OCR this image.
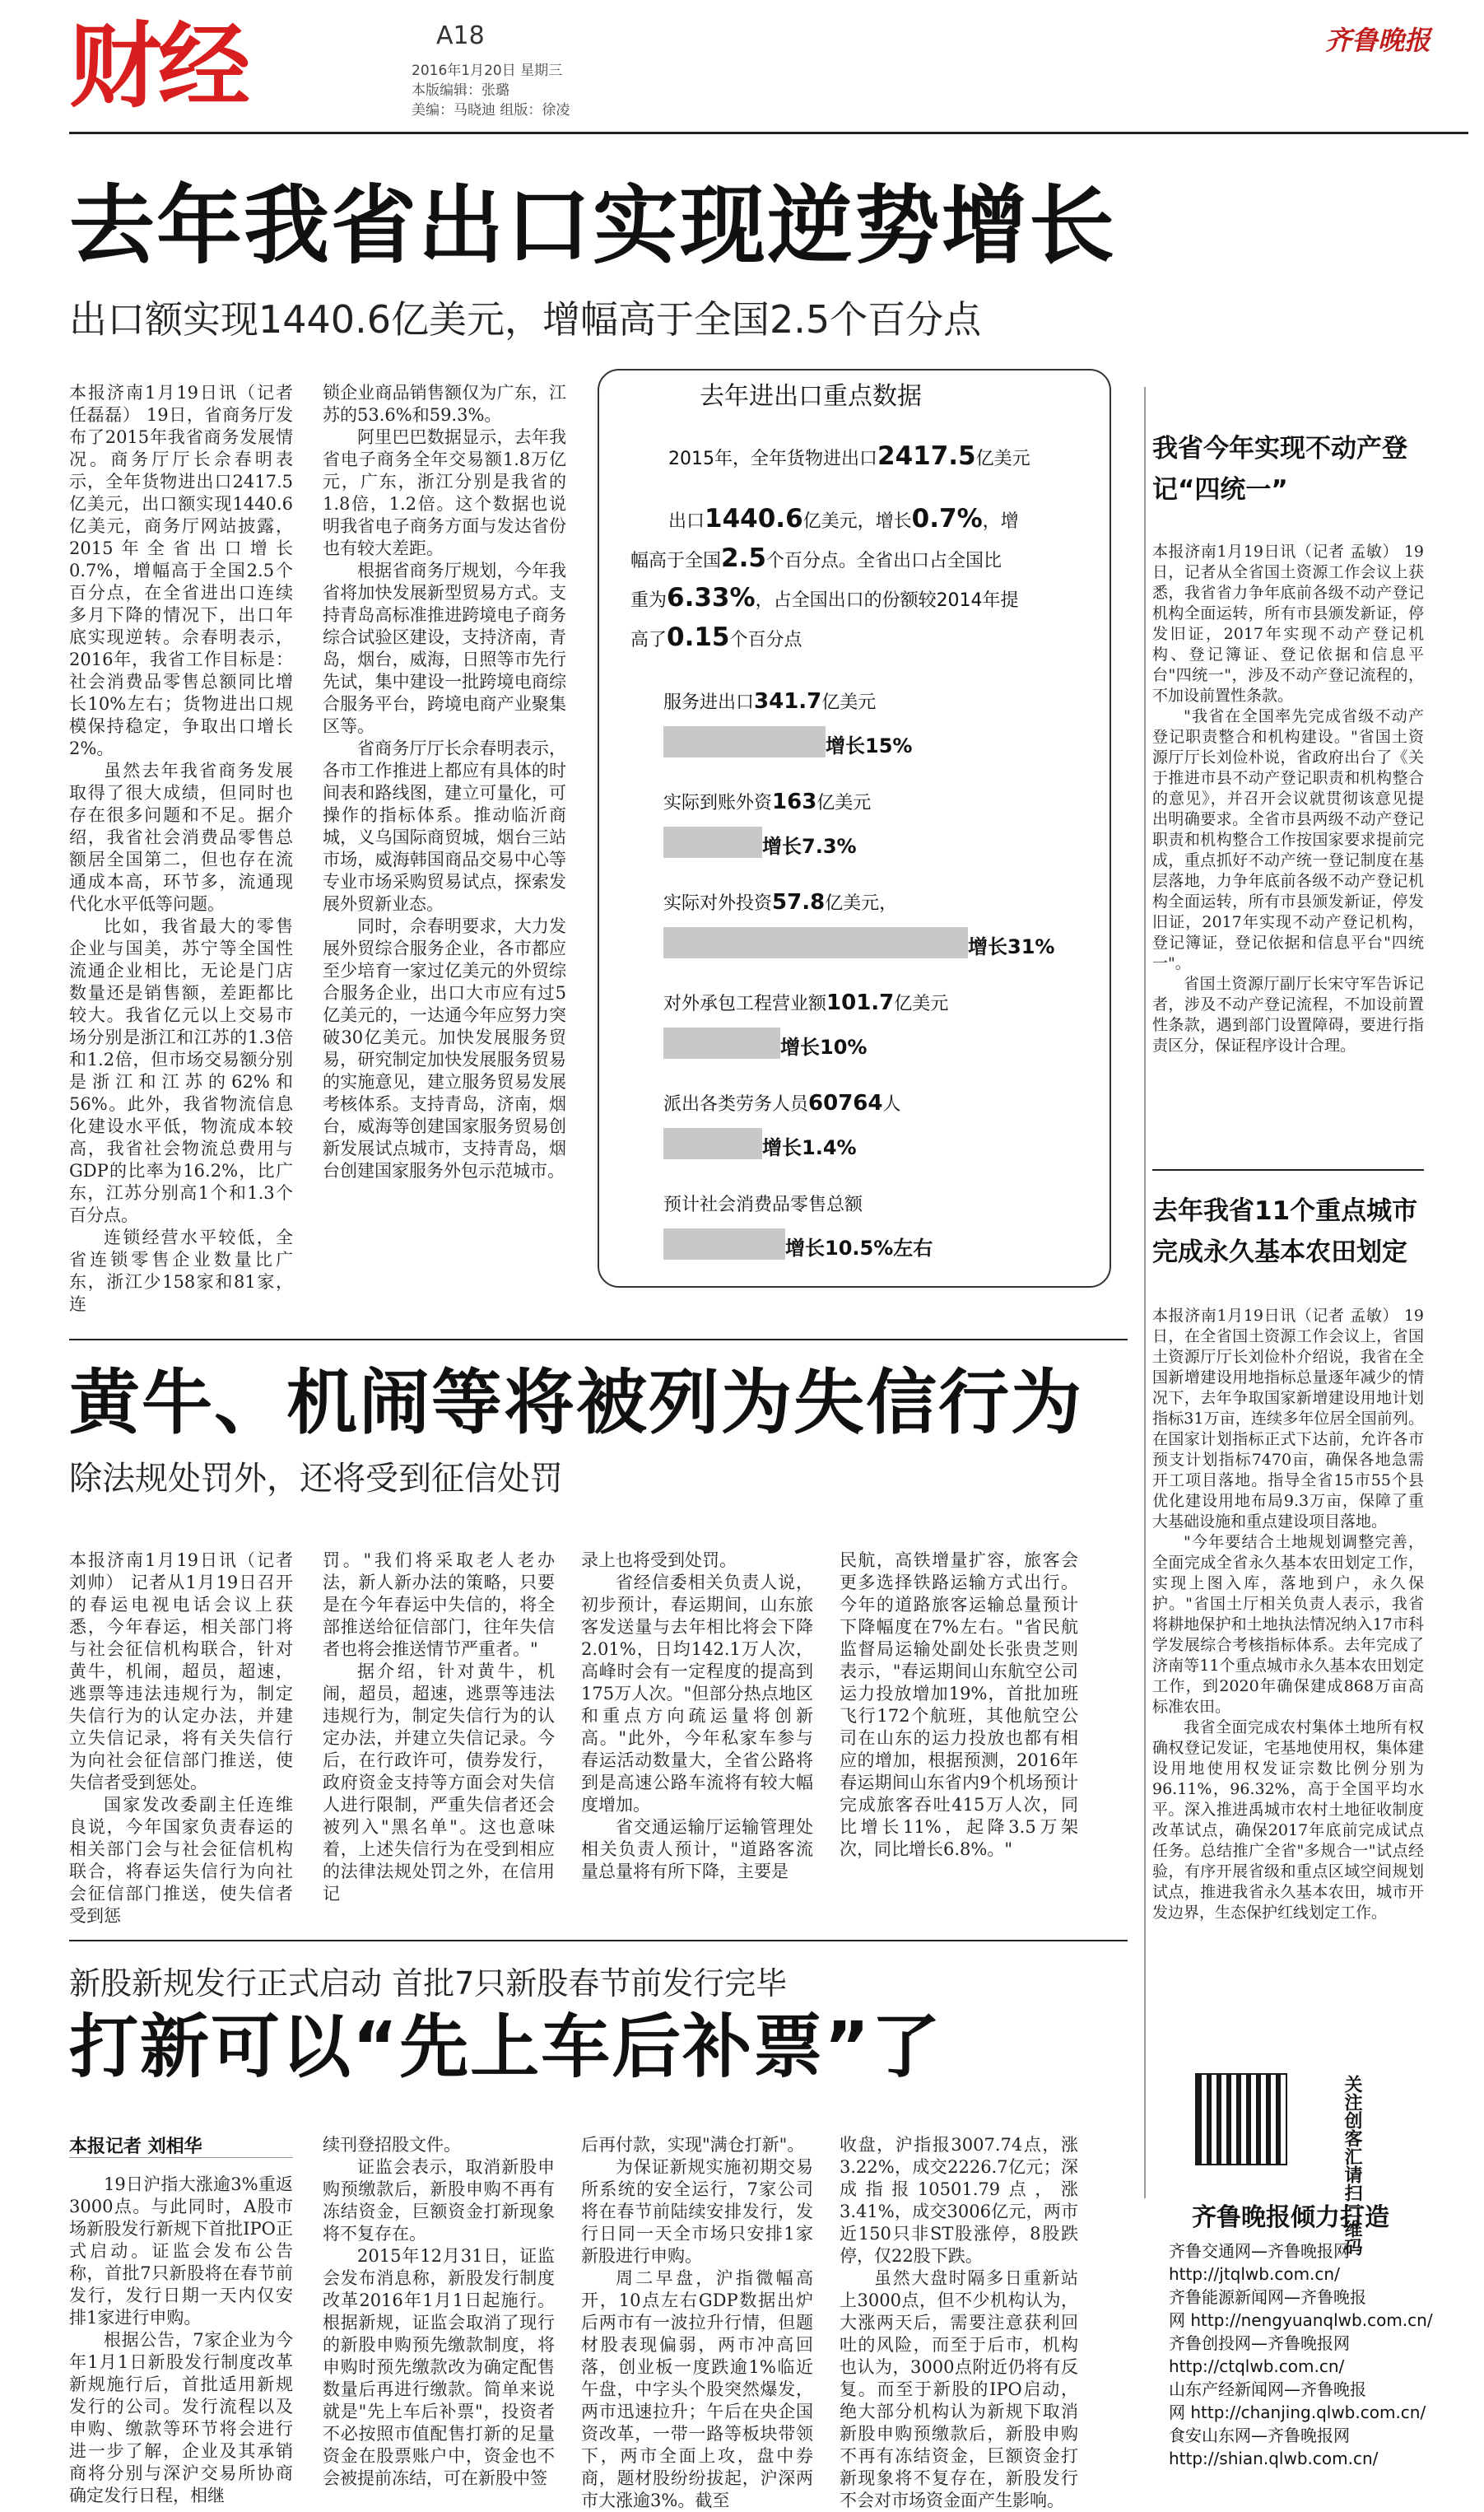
财经	A18
2016年1月20日 星期三
本版编辑：张璐
美编：马晓迪 组版：徐凌
齐鲁晚报
去年我省出口实现逆势增长
出口额实现1440.6亿美元，增幅高于全国2.5个百分点

本报济南1月19日讯（记者 任磊磊） 19日，省商务厅发布了2015年我省商务发展情况。商务厅厅长佘春明表示，全年货物进出口2417.5亿美元，出口额实现1440.6亿美元，商务厅网站披露，2015年全省出口增长0.7%，增幅高于全国2.5个百分点，在全省进出口连续多月下降的情况下，出口年底实现逆转。佘春明表示，2016年，我省工作目标是：社会消费品零售总额同比增长10%左右；货物进出口规模保持稳定，争取出口增长2%。

虽然去年我省商务发展取得了很大成绩，但同时也存在很多问题和不足。据介绍，我省社会消费品零售总额居全国第二，但也存在流通成本高，环节多，流通现代化水平低等问题。

比如，我省最大的零售企业与国美，苏宁等全国性流通企业相比，无论是门店数量还是销售额，差距都比较大。我省亿元以上交易市场分别是浙江和江苏的1.3倍和1.2倍，但市场交易额分别是浙江和江苏的62%和56%。此外，我省物流信息化建设水平低，物流成本较高，我省社会物流总费用与GDP的比率为16.2%，比广东，江苏分别高1个和1.3个百分点。

连锁经营水平较低，全省连锁零售企业数量比广东，浙江少158家和81家，连

锁企业商品销售额仅为广东，江苏的53.6%和59.3%。

阿里巴巴数据显示，去年我省电子商务全年交易额1.8万亿元，广东，浙江分别是我省的1.8倍，1.2倍。这个数据也说明我省电子商务方面与发达省份也有较大差距。

根据省商务厅规划，今年我省将加快发展新型贸易方式。支持青岛高标准推进跨境电子商务综合试验区建设，支持济南，青岛，烟台，威海，日照等市先行先试，集中建设一批跨境电商综合服务平台，跨境电商产业聚集区等。

省商务厅厅长佘春明表示，各市工作推进上都应有具体的时间表和路线图，建立可量化，可操作的指标体系。推动临沂商城，义乌国际商贸城，烟台三站市场，威海韩国商品交易中心等专业市场采购贸易试点，探索发展外贸新业态。

同时，佘春明要求，大力发展外贸综合服务企业，各市都应至少培育一家过亿美元的外贸综合服务企业，出口大市应有过5亿美元的，一达通今年应努力突破30亿美元。加快发展服务贸易，研究制定加快发展服务贸易的实施意见，建立服务贸易发展考核体系。支持青岛，济南，烟台，威海等创建国家服务贸易创新发展试点城市，支持青岛，烟台创建国家服务外包示范城市。

去年进出口重点数据
2015年，全年货物进出口2417.5亿美元
出口1440.6亿美元，增长0.7%，增
幅高于全国2.5个百分点。全省出口占全国比
重为6.33%，占全国出口的份额较2014年提
高了0.15个百分点
服务进出口341.7亿美元
增长15%
实际到账外资163亿美元
增长7.3%
实际对外投资57.8亿美元，
增长31%
对外承包工程营业额101.7亿美元
增长10%
派出各类劳务人员60764人
增长1.4%
预计社会消费品零售总额
增长10.5%左右
我省今年实现不动产登记“四统一”

本报济南1月19日讯（记者 孟敏） 19日，记者从全省国土资源工作会议上获悉，我省省力争年底前各级不动产登记机构全面运转，所有市县颁发新证，停发旧证，2017年实现不动产登记机构、登记簿证、登记依据和信息平台"四统一"，涉及不动产登记流程的，不加设前置性条款。

"我省在全国率先完成省级不动产登记职责整合和机构建设。"省国土资源厅厅长刘俭朴说，省政府出台了《关于推进市县不动产登记职责和机构整合的意见》，并召开会议就贯彻该意见提出明确要求。全省市县两级不动产登记职责和机构整合工作按国家要求提前完成，重点抓好不动产统一登记制度在基层落地，力争年底前各级不动产登记机构全面运转，所有市县颁发新证，停发旧证，2017年实现不动产登记机构，登记簿证，登记依据和信息平台"四统一"。

省国土资源厅副厅长宋守军告诉记者，涉及不动产登记流程，不加设前置性条款，遇到部门设置障碍，要进行指责区分，保证程序设计合理。

去年我省11个重点城市完成永久基本农田划定

本报济南1月19日讯（记者 孟敏） 19日，在全省国土资源工作会议上，省国土资源厅厅长刘俭朴介绍说，我省在全国新增建设用地指标总量逐年减少的情况下，去年争取国家新增建设用地计划指标31万亩，连续多年位居全国前列。在国家计划指标正式下达前，允许各市预支计划指标7470亩，确保各地急需开工项目落地。指导全省15市55个县优化建设用地布局9.3万亩，保障了重大基础设施和重点建设项目落地。

"今年要结合土地规划调整完善，全面完成全省永久基本农田划定工作，实现上图入库，落地到户，永久保护。"省国土厅相关负责人表示，我省将耕地保护和土地执法情况纳入17市科学发展综合考核指标体系。去年完成了济南等11个重点城市永久基本农田划定工作，到2020年确保建成868万亩高标准农田。

我省全面完成农村集体土地所有权确权登记发证，宅基地使用权，集体建设用地使用权发证宗数比例分别为96.11%，96.32%，高于全国平均水平。深入推进禹城市农村土地征收制度改革试点，确保2017年底前完成试点任务。总结推广全省"多规合一"试点经验，有序开展省级和重点区域空间规划试点，推进我省永久基本农田，城市开发边界，生态保护红线划定工作。

黄牛、机闹等将被列为失信行为
除法规处罚外，还将受到征信处罚

本报济南1月19日讯（记者 刘帅） 记者从1月19日召开的春运电视电话会议上获悉，今年春运，相关部门将与社会征信机构联合，针对黄牛，机闹，超员，超速，逃票等违法违规行为，制定失信行为的认定办法，并建立失信记录，将有关失信行为向社会征信部门推送，使失信者受到惩处。

国家发改委副主任连维良说，今年国家负责春运的相关部门会与社会征信机构联合，将春运失信行为向社会征信部门推送，使失信者受到惩

罚。"我们将采取老人老办法，新人新办法的策略，只要是在今年春运中失信的，将全部推送给征信部门，往年失信者也将会推送情节严重者。"

据介绍，针对黄牛，机闹，超员，超速，逃票等违法违规行为，制定失信行为的认定办法，并建立失信记录。今后，在行政许可，债券发行，政府资金支持等方面会对失信人进行限制，严重失信者还会被列入"黑名单"。这也意味着，上述失信行为在受到相应的法律法规处罚之外，在信用记

录上也将受到处罚。

省经信委相关负责人说，初步预计，春运期间，山东旅客发送量与去年相比将会下降2.01%，日均142.1万人次，高峰时会有一定程度的提高到175万人次。"但部分热点地区和重点方向疏运量将创新高。"此外，今年私家车参与春运活动数量大，全省公路将到是高速公路车流将有较大幅度增加。

省交通运输厅运输管理处相关负责人预计，"道路客流量总量将有所下降，主要是

民航，高铁增量扩容，旅客会更多选择铁路运输方式出行。今年的道路旅客运输总量预计下降幅度在7%左右。"省民航监督局运输处副处长张贵芝则表示，"春运期间山东航空公司运力投放增加19%，首批加班飞行172个航班，其他航空公司在山东的运力投放也都有相应的增加，根据预测，2016年春运期间山东省内9个机场预计完成旅客吞吐415万人次，同比增长11%，起降3.5万架次，同比增长6.8%。"

新股新规发行正式启动 首批7只新股春节前发行完毕
打新可以“先上车后补票”了
本报记者 刘相华

19日沪指大涨逾3%重返3000点。与此同时，A股市场新股发行新规下首批IPO正式启动。证监会发布公告称，首批7只新股将在春节前发行，发行日期一天内仅安排1家进行申购。

根据公告，7家企业为今年1月1日新股发行制度改革新规施行后，首批适用新规发行的公司。发行流程以及申购、缴款等环节将会进行进一步了解，企业及其承销商将分别与深沪交易所协商确定发行日程，相继

续刊登招股文件。

证监会表示，取消新股申购预缴款后，新股申购不再有冻结资金，巨额资金打新现象将不复存在。

2015年12月31日，证监会发布消息称，新股发行制度改革2016年1月1日起施行。根据新规，证监会取消了现行的新股申购预先缴款制度，将申购时预先缴款改为确定配售数量后再进行缴款。简单来说就是"先上车后补票"，投资者不必按照市值配售打新的足量资金在股票账户中，资金也不会被提前冻结，可在新股中签

后再付款，实现"满仓打新"。

为保证新规实施初期交易所系统的安全运行，7家公司将在春节前陆续安排发行，发行日同一天全市场只安排1家新股进行申购。

周二早盘，沪指微幅高开，10点左右GDP数据出炉后两市有一波拉升行情，但题材股表现偏弱，两市冲高回落，创业板一度跌逾1%临近午盘，中字头个股突然爆发，两市迅速拉升；午后在央企国资改革，一带一路等板块带领下，两市全面上攻，盘中券商，题材股纷纷拔起，沪深两市大涨逾3%。截至

收盘，沪指报3007.74点，涨3.22%，成交2226.7亿元；深成指报10501.79点，涨3.41%，成交3006亿元，两市近150只非ST股涨停，8股跌停，仅22股下跌。

虽然大盘时隔多日重新站上3000点，但不少机构认为，大涨两天后，需要注意获利回吐的风险，而至于后市，机构也认为，3000点附近仍将有反复。而至于新股的IPO启动，绝大部分机构认为新规下取消新股申购预缴款后，新股申购不再有冻结资金，巨额资金打新现象将不复存在，新股发行不会对市场资金面产生影响。

关注创客汇请扫二维码
齐鲁晚报倾力打造
齐鲁交通网—齐鲁晚报网
http://jtqlwb.com.cn/
齐鲁能源新闻网—齐鲁晚报
网 http://nengyuanqlwb.com.cn/
齐鲁创投网—齐鲁晚报网
http://ctqlwb.com.cn/
山东产经新闻网—齐鲁晚报
网 http://chanjing.qlwb.com.cn/
食安山东网—齐鲁晚报网
http://shian.qlwb.com.cn/
